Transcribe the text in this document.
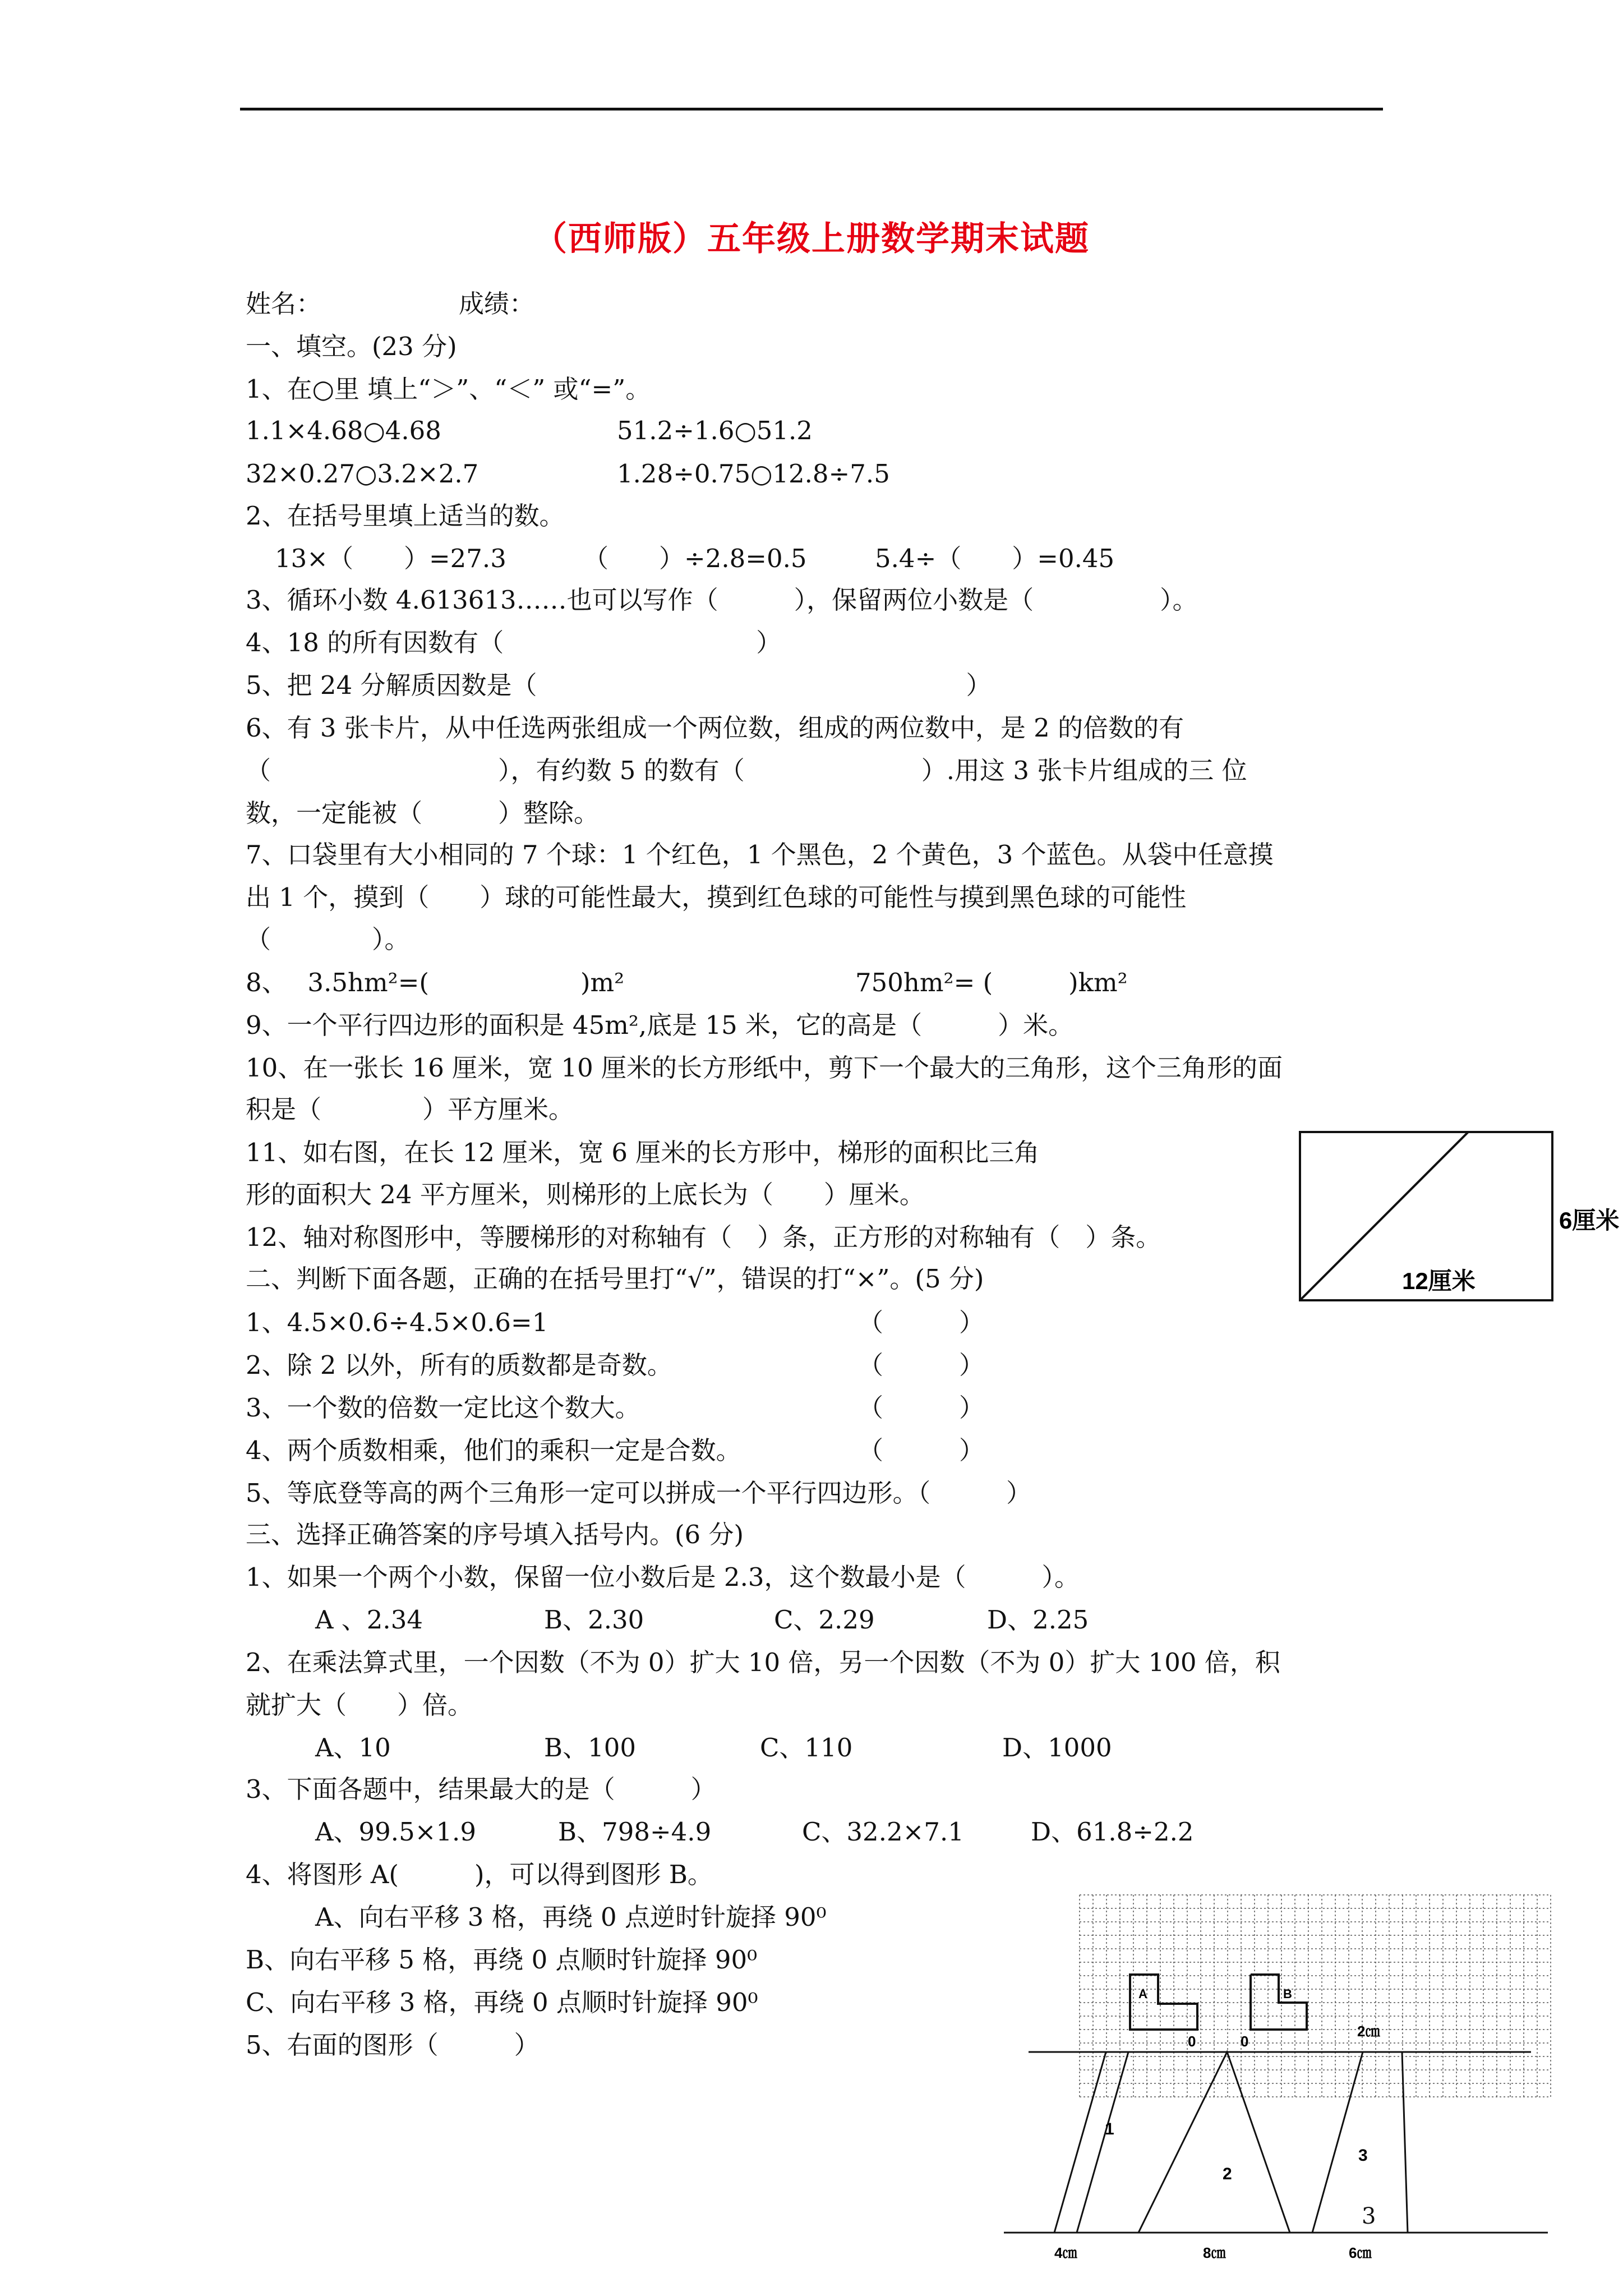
（西师版）五年级上册数学期末试题
姓名：	成绩：
一、填空。(23 分)
1、在○里 填上“＞”、“＜” 或“=”。
1.1×4.68○4.68	51.2÷1.6○51.2
32×0.27○3.2×2.7	1.28÷0.75○12.8÷7.5
2、在括号里填上适当的数。
13×（　　）=27.3	（　　）÷2.8=0.5	5.4÷（　　）=0.45
3、循环小数 4.613613……也可以写作（　　　），保留两位小数是（　　　　　）。
4、18 的所有因数有（　　　　　　　　　　）
5、把 24 分解质因数是（　　　　　　　　　　　　　　　　　）
6、有 3 张卡片，从中任选两张组成一个两位数，组成的两位数中，是 2 的倍数的有
（　　　　　　　　　），有约数 5 的数有（　　　　　　　）.用这 3 张卡片组成的三 位
数，一定能被（　　　）整除。
7、口袋里有大小相同的 7 个球：1 个红色，1 个黑色，2 个黄色，3 个蓝色。从袋中任意摸
出 1 个，摸到（　　）球的可能性最大，摸到红色球的可能性与摸到黑色球的可能性
（　　　　）。
8、　 3.5hm²=(　　　　　　)m²	750hm²= (　　　)km²
9、一个平行四边形的面积是 45m²,底是 15 米，它的高是（　　　）米。
10、在一张长 16 厘米，宽 10 厘米的长方形纸中，剪下一个最大的三角形，这个三角形的面
积是（　　　　）平方厘米。
11、如右图，在长 12 厘米，宽 6 厘米的长方形中，梯形的面积比三角
形的面积大 24 平方厘米，则梯形的上底长为（　　）厘米。
12、轴对称图形中，等腰梯形的对称轴有（　）条，正方形的对称轴有（　）条。
6厘米
12厘米
二、判断下面各题，正确的在括号里打“√”，错误的打“×”。(5 分)
1、4.5×0.6÷4.5×0.6=1	（　　　）
2、除 2 以外，所有的质数都是奇数。	（　　　）
3、一个数的倍数一定比这个数大。	（　　　）
4、两个质数相乘，他们的乘积一定是合数。	（　　　）
5、等底登等高的两个三角形一定可以拼成一个平行四边形。（　　　）
三、选择正确答案的序号填入括号内。(6 分)
1、如果一个两个小数，保留一位小数后是 2.3，这个数最小是（　　　）。
A 、2.34	B、2.30	C、2.29	D、2.25
2、在乘法算式里，一个因数（不为 0）扩大 10 倍，另一个因数（不为 0）扩大 100 倍，积
就扩大（　　）倍。
A、10	B、100	C、110	D、1000
3、下面各题中，结果最大的是（　　　）
A、99.5×1.9	B、798÷4.9	C、32.2×7.1	D、61.8÷2.2
4、将图形 A(　　　)，可以得到图形 B。
A、向右平移 3 格，再绕 0 点逆时针旋择 90⁰
B、向右平移 5 格，再绕 0 点顺时针旋择 90⁰
C、向右平移 3 格，再绕 0 点顺时针旋择 90⁰
5、右面的图形（　　　）
A	B
0	0
1
2
3
2㎝
4㎝	8㎝	6㎝
3
